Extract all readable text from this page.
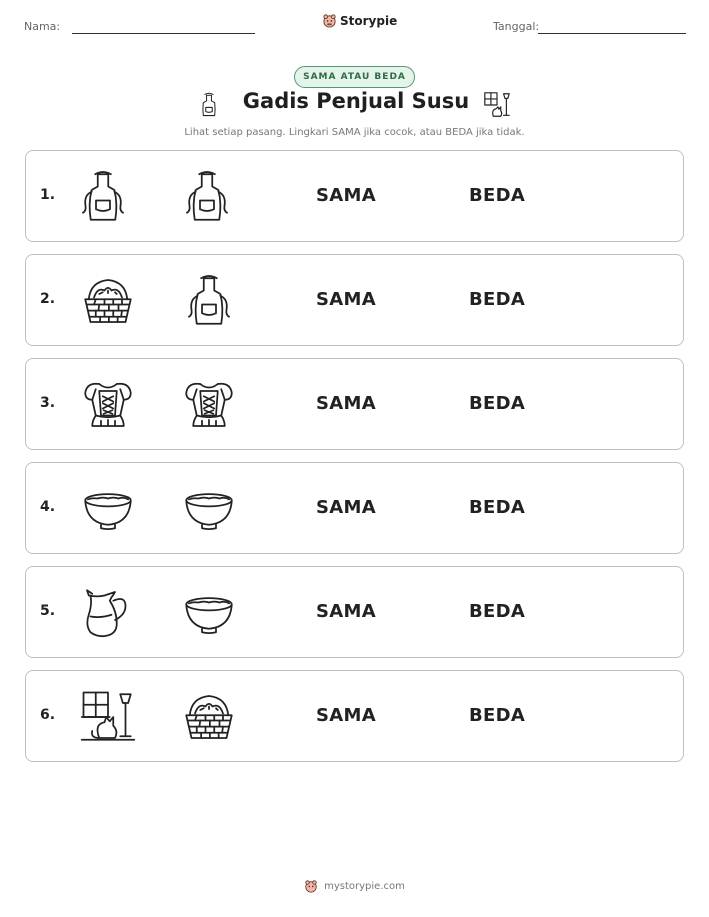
Nama:	Storypie	Tanggal:
SAMA ATAU BEDA
Gadis Penjual Susu
Lihat setiap pasang. Lingkari SAMA jika cocok, atau BEDA jika tidak.
1.	SAMA	BEDA
2.	SAMA	BEDA
3.	SAMA	BEDA
4.	SAMA	BEDA
5.	SAMA	BEDA
6.	SAMA	BEDA
mystorypie.com
